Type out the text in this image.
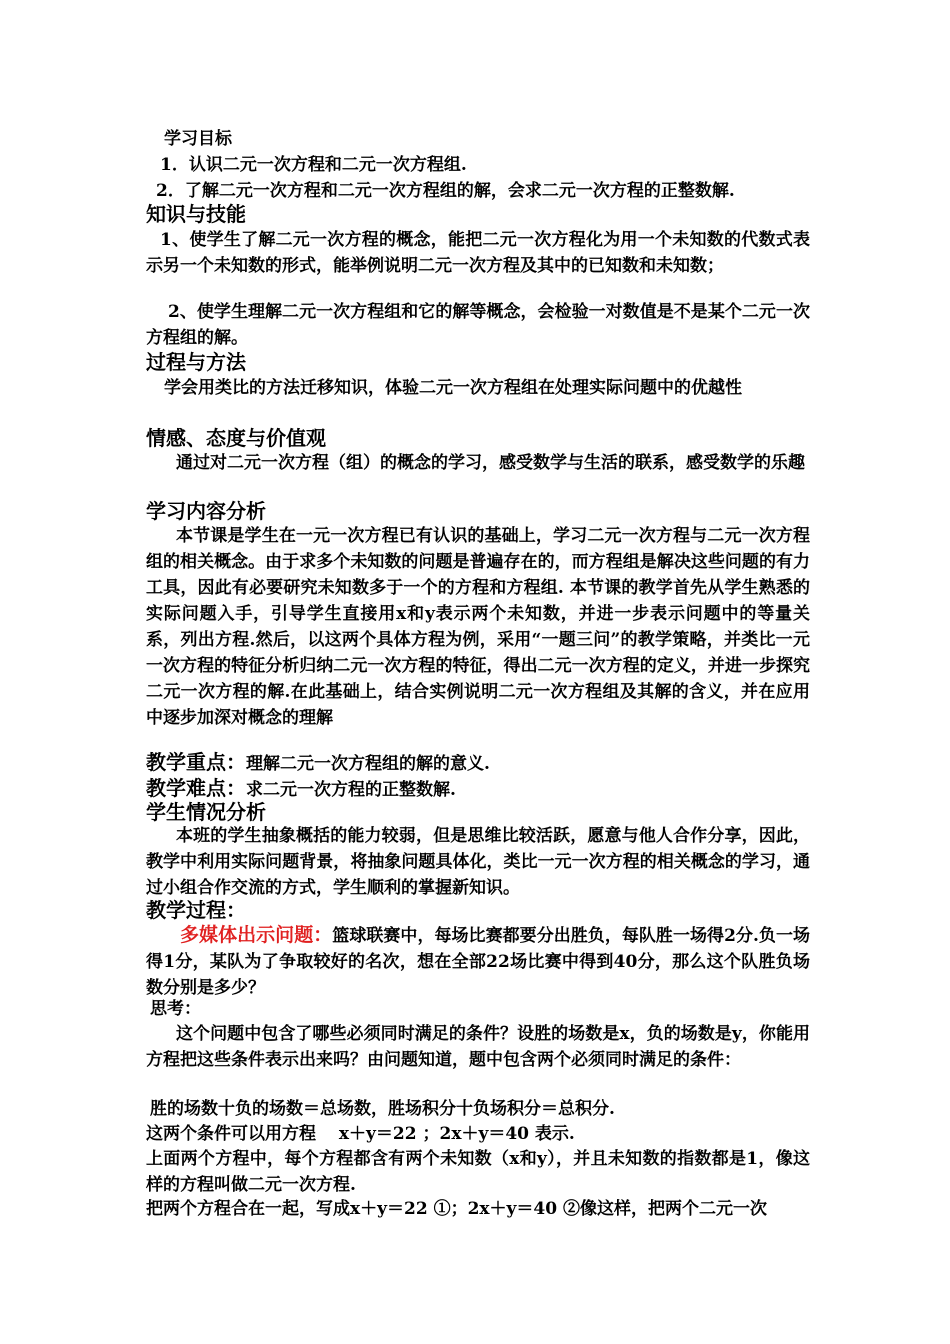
学习目标

1．认识二元一次方程和二元一次方程组.

2．了解二元一次方程和二元一次方程组的解，会求二元一次方程的正整数解.

知识与技能

1、使学生了解二元一次方程的概念，能把二元一次方程化为用一个未知数的代数式表示另一个未知数的形式，能举例说明二元一次方程及其中的已知数和未知数；

2、使学生理解二元一次方程组和它的解等概念，会检验一对数值是不是某个二元一次方程组的解。

过程与方法

学会用类比的方法迁移知识，体验二元一次方程组在处理实际问题中的优越性

情感、态度与价值观

通过对二元一次方程（组）的概念的学习，感受数学与生活的联系，感受数学的乐趣

学习内容分析

本节课是学生在一元一次方程已有认识的基础上，学习二元一次方程与二元一次方程组的相关概念。由于求多个未知数的问题是普遍存在的，而方程组是解决这些问题的有力工具，因此有必要研究未知数多于一个的方程和方程组. 本节课的教学首先从学生熟悉的实际问题入手，引导学生直接用x和y表示两个未知数，并进一步表示问题中的等量关系，列出方程.然后，以这两个具体方程为例，采用“一题三问”的教学策略，并类比一元一次方程的特征分析归纳二元一次方程的特征，得出二元一次方程的定义，并进一步探究二元一次方程的解.在此基础上，结合实例说明二元一次方程组及其解的含义，并在应用中逐步加深对概念的理解

教学重点：理解二元一次方程组的解的意义.

教学难点：求二元一次方程的正整数解.

学生情况分析

本班的学生抽象概括的能力较弱，但是思维比较活跃，愿意与他人合作分享，因此，教学中利用实际问题背景，将抽象问题具体化，类比一元一次方程的相关概念的学习，通过小组合作交流的方式，学生顺利的掌握新知识。

教学过程：

多媒体出示问题：篮球联赛中，每场比赛都要分出胜负，每队胜一场得2分.负一场得1分，某队为了争取较好的名次，想在全部22场比赛中得到40分，那么这个队胜负场数分别是多少？

思考：

这个问题中包含了哪些必须同时满足的条件？设胜的场数是x，负的场数是y，你能用方程把这些条件表示出来吗？由问题知道，题中包含两个必须同时满足的条件：

胜的场数十负的场数＝总场数，胜场积分十负场积分＝总积分.

这两个条件可以用方程　 x＋y＝22 ；2x＋y＝40 表示.

上面两个方程中，每个方程都含有两个未知数（x和y），并且未知数的指数都是1，像这样的方程叫做二元一次方程.

把两个方程合在一起，写成x＋y＝22 ①；2x＋y＝40 ②像这样，把两个二元一次
